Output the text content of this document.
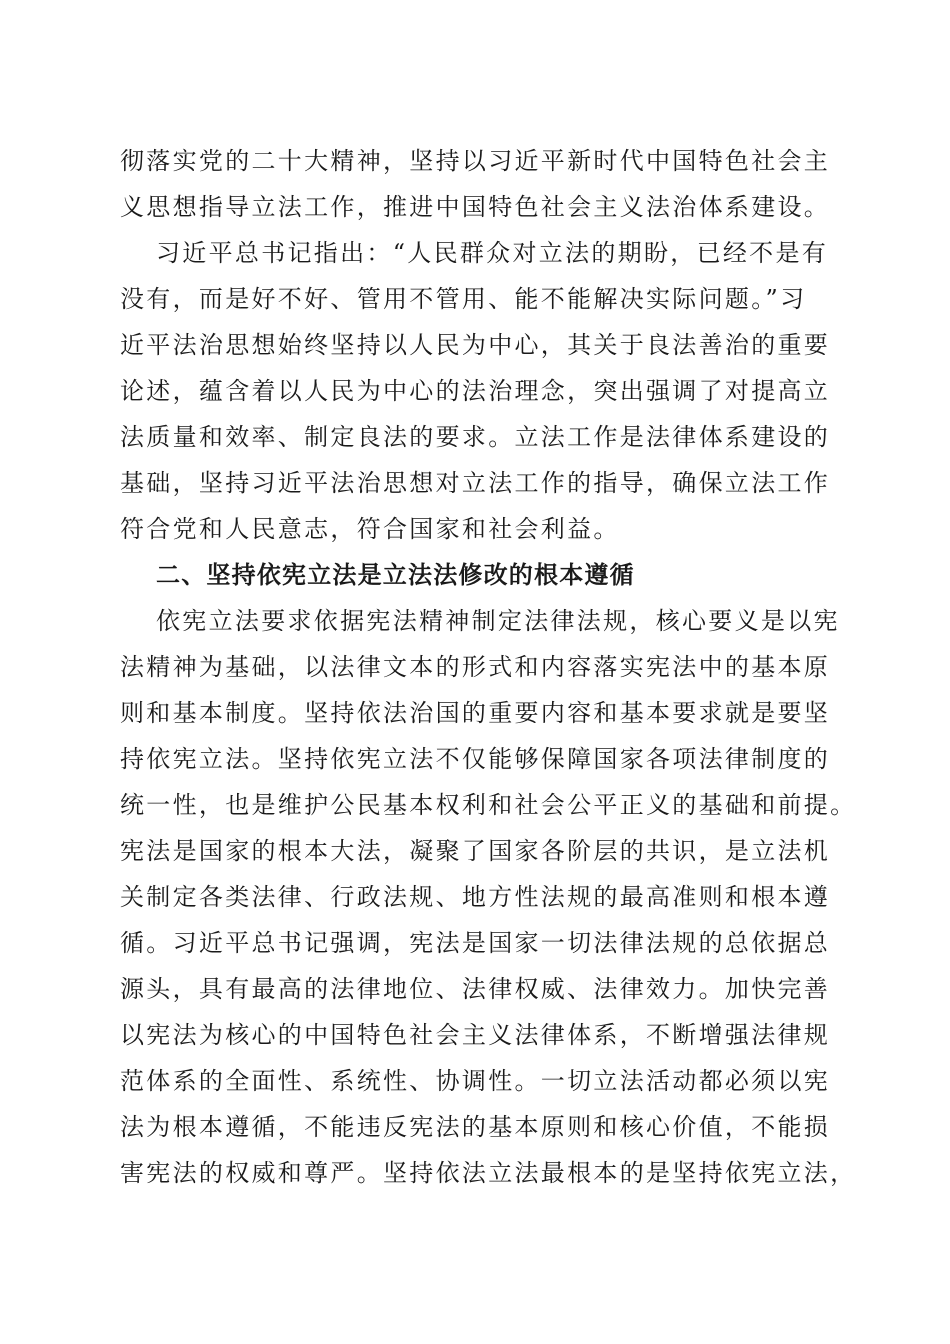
彻落实党的二十大精神，坚持以习近平新时代中国特色社会主
义思想指导立法工作，推进中国特色社会主义法治体系建设。
习近平总书记指出：“人民群众对立法的期盼，已经不是有
没有，而是好不好、管用不管用、能不能解决实际问题。”习
近平法治思想始终坚持以人民为中心，其关于良法善治的重要
论述，蕴含着以人民为中心的法治理念，突出强调了对提高立
法质量和效率、制定良法的要求。立法工作是法律体系建设的
基础，坚持习近平法治思想对立法工作的指导，确保立法工作
符合党和人民意志，符合国家和社会利益。
二、坚持依宪立法是立法法修改的根本遵循
依宪立法要求依据宪法精神制定法律法规，核心要义是以宪
法精神为基础，以法律文本的形式和内容落实宪法中的基本原
则和基本制度。坚持依法治国的重要内容和基本要求就是要坚
持依宪立法。坚持依宪立法不仅能够保障国家各项法律制度的
统一性，也是维护公民基本权利和社会公平正义的基础和前提。
宪法是国家的根本大法，凝聚了国家各阶层的共识，是立法机
关制定各类法律、行政法规、地方性法规的最高准则和根本遵
循。习近平总书记强调，宪法是国家一切法律法规的总依据总
源头，具有最高的法律地位、法律权威、法律效力。加快完善
以宪法为核心的中国特色社会主义法律体系，不断增强法律规
范体系的全面性、系统性、协调性。一切立法活动都必须以宪
法为根本遵循，不能违反宪法的基本原则和核心价值，不能损
害宪法的权威和尊严。坚持依法立法最根本的是坚持依宪立法，
